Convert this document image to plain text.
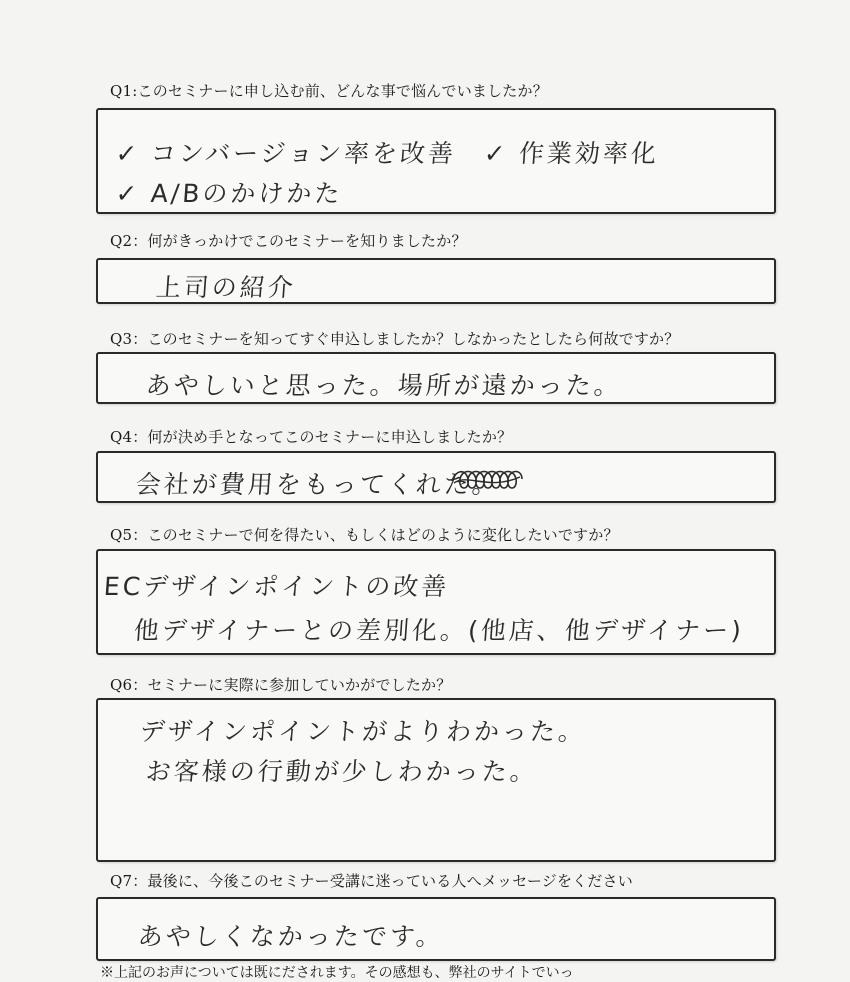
Q1:このセミナーに申し込む前、どんな事で悩んでいましたか？
✓ コンバージョン率を改善　✓ 作業効率化
✓ A/Bのかけかた
Q2：何がきっかけでこのセミナーを知りましたか？
上司の紹介
Q3：このセミナーを知ってすぐ申込しましたか？しなかったとしたら何故ですか？
あやしいと思った。場所が遠かった。
Q4：何が決め手となってこのセミナーに申込しましたか？
会社が費用をもってくれた。
Q5：このセミナーで何を得たい、もしくはどのように変化したいですか？
ECデザインポイントの改善
他デザイナーとの差別化。(他店、他デザイナー)
Q6：セミナーに実際に参加していかがでしたか？
デザインポイントがよりわかった。
お客様の行動が少しわかった。
Q7：最後に、今後このセミナー受講に迷っている人へメッセージをください
あやしくなかったです。
※上記のお声については既にだされます。その感想も、弊社のサイトでいっ
